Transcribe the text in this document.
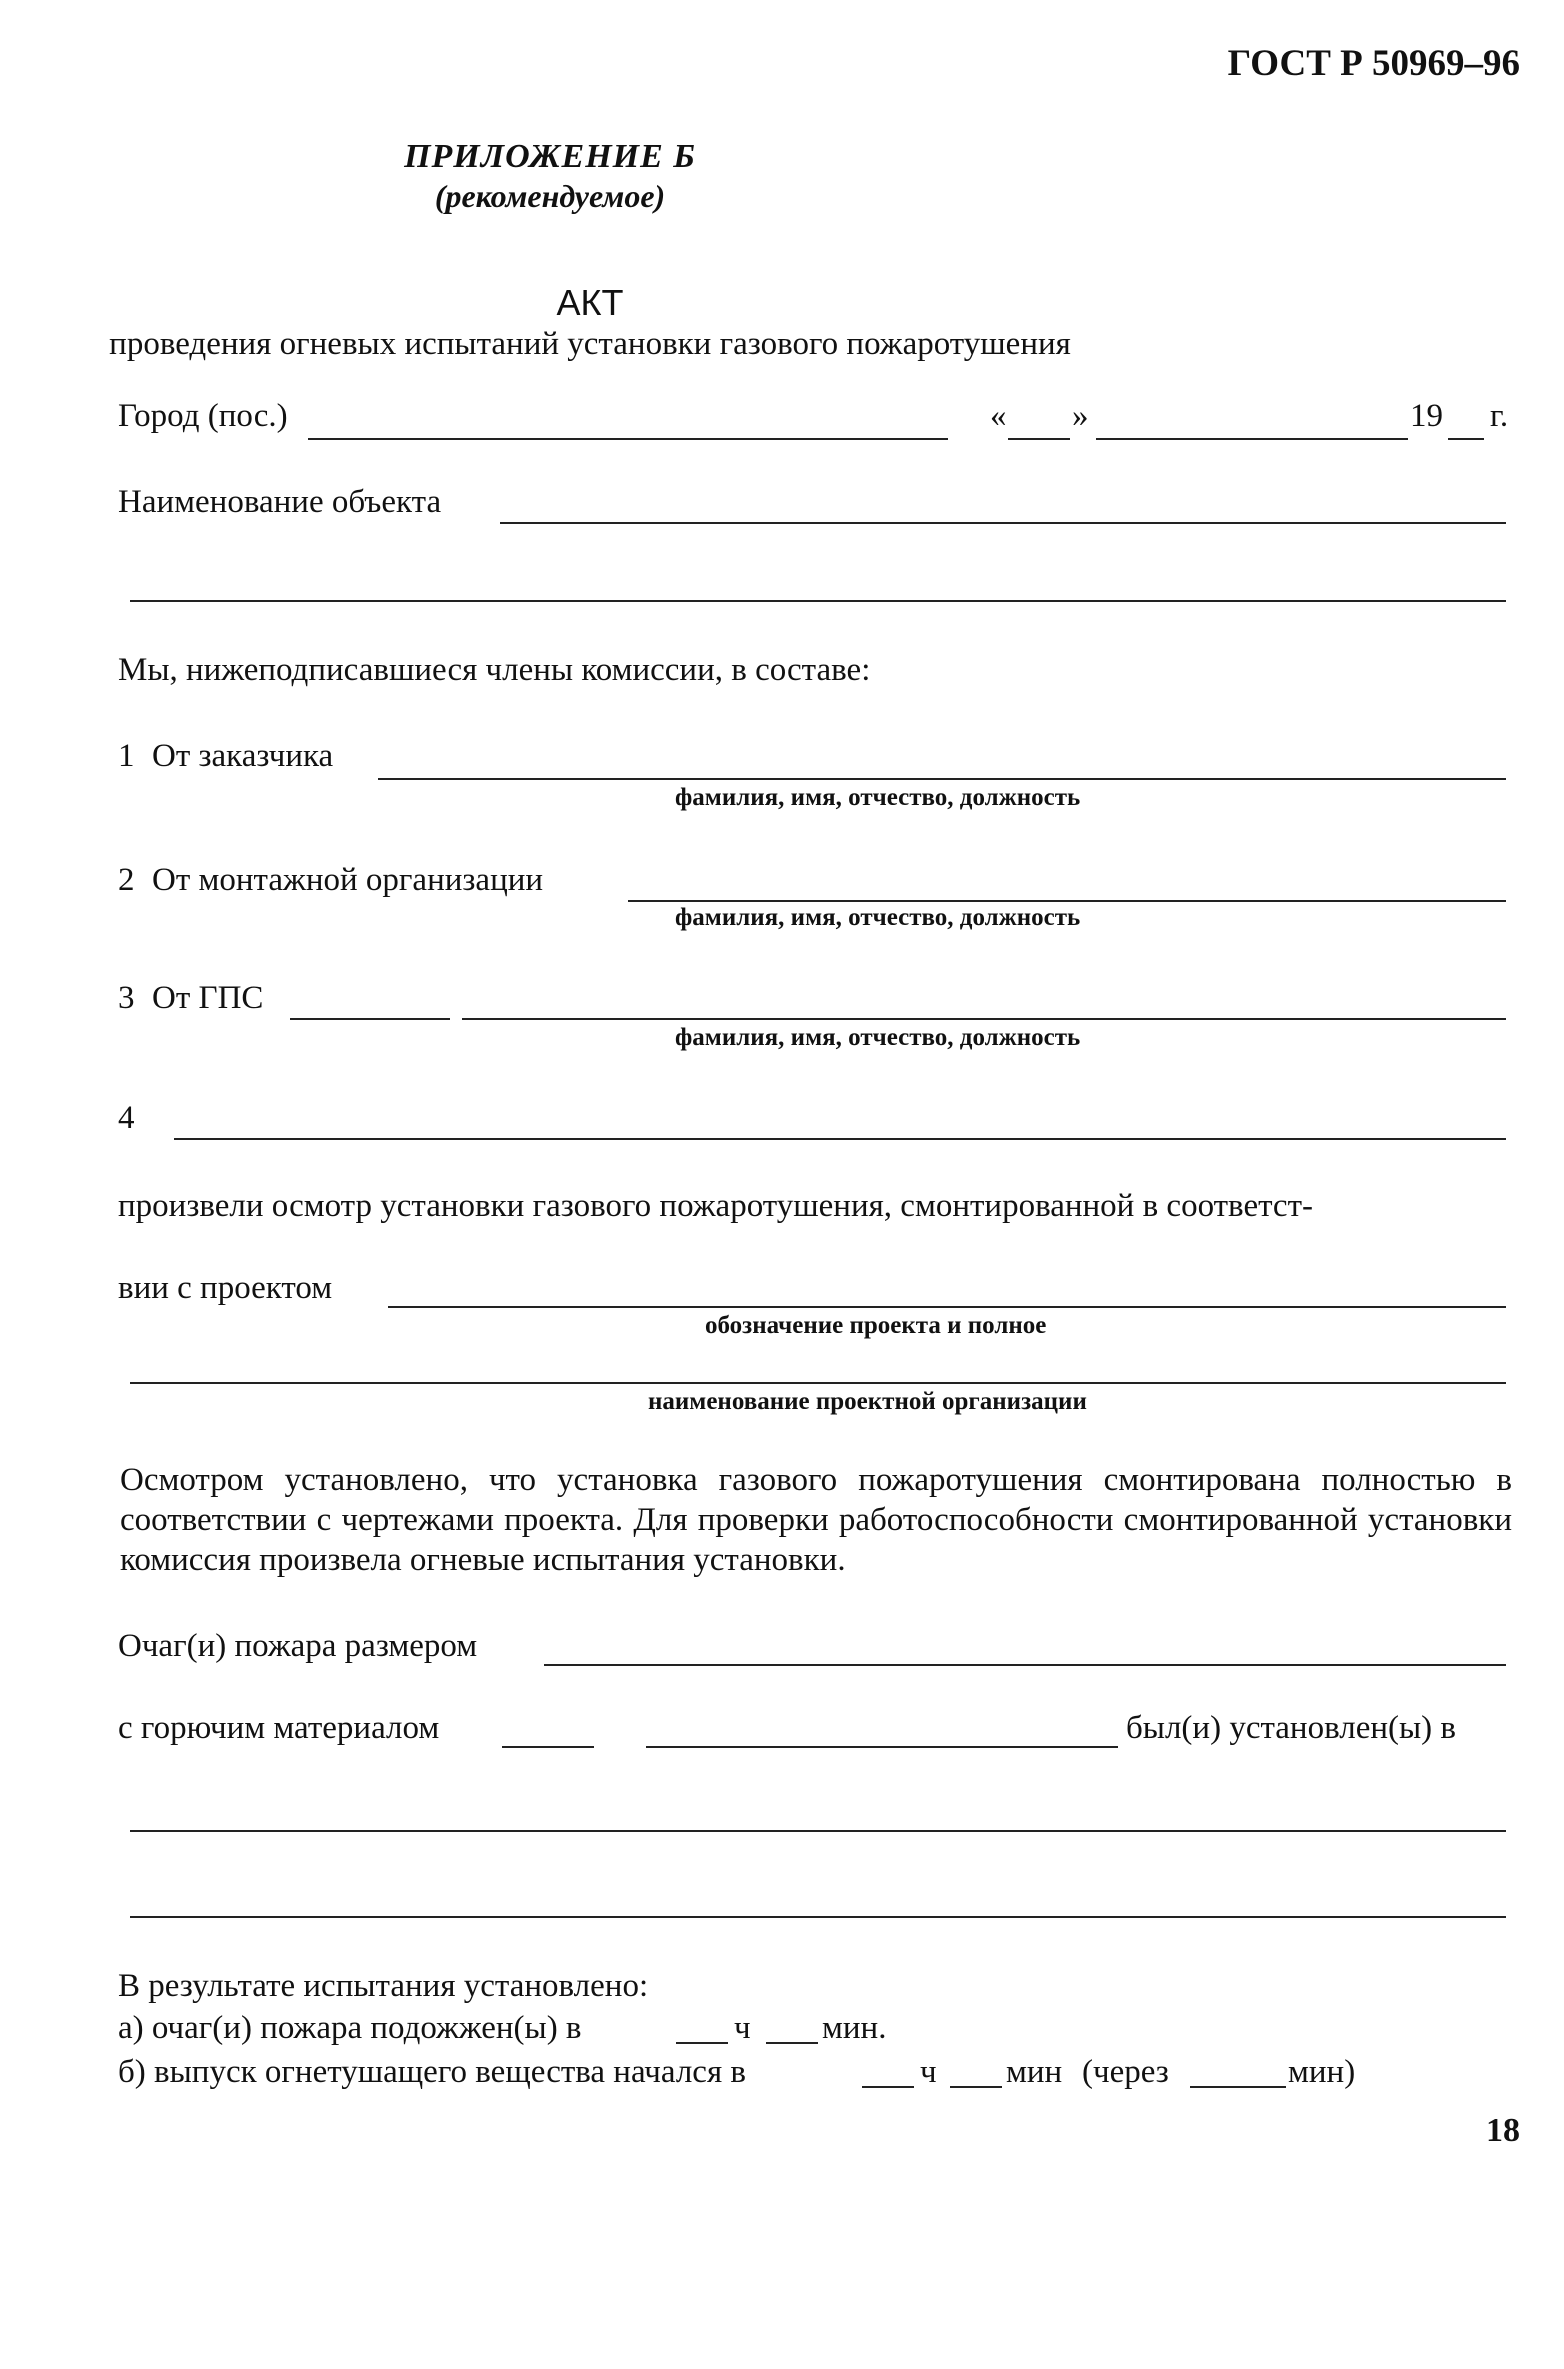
ГОСТ Р 50969–96
ПРИЛОЖЕНИЕ Б
(рекомендуемое)
АКТ
проведения огневых испытаний установки газового пожаротушения
Город (пос.)	« »	19 г.
Наименование объекта
Мы, нижеподписавшиеся члены комиссии, в составе:
1 От заказчика
фамилия, имя, отчество, должность
2 От монтажной организации
фамилия, имя, отчество, должность
3 От ГПС
фамилия, имя, отчество, должность
4
произвели осмотр установки газового пожаротушения, смонтированной в соответст-
вии с проектом
обозначение проекта и полное
наименование проектной организации
Осмотром установлено, что установка газового пожаротушения смонтирована полностью в соответствии с чертежами проекта. Для проверки работоспособности смонтированной установки комиссия произвела огневые испытания установки.
Очаг(и) пожара размером
с горючим материалом	был(и) установлен(ы) в
В результате испытания установлено:
а) очаг(и) пожара подожжен(ы) в	ч мин.
б) выпуск огнетушащего вещества начался в	ч мин (через	мин)
18
